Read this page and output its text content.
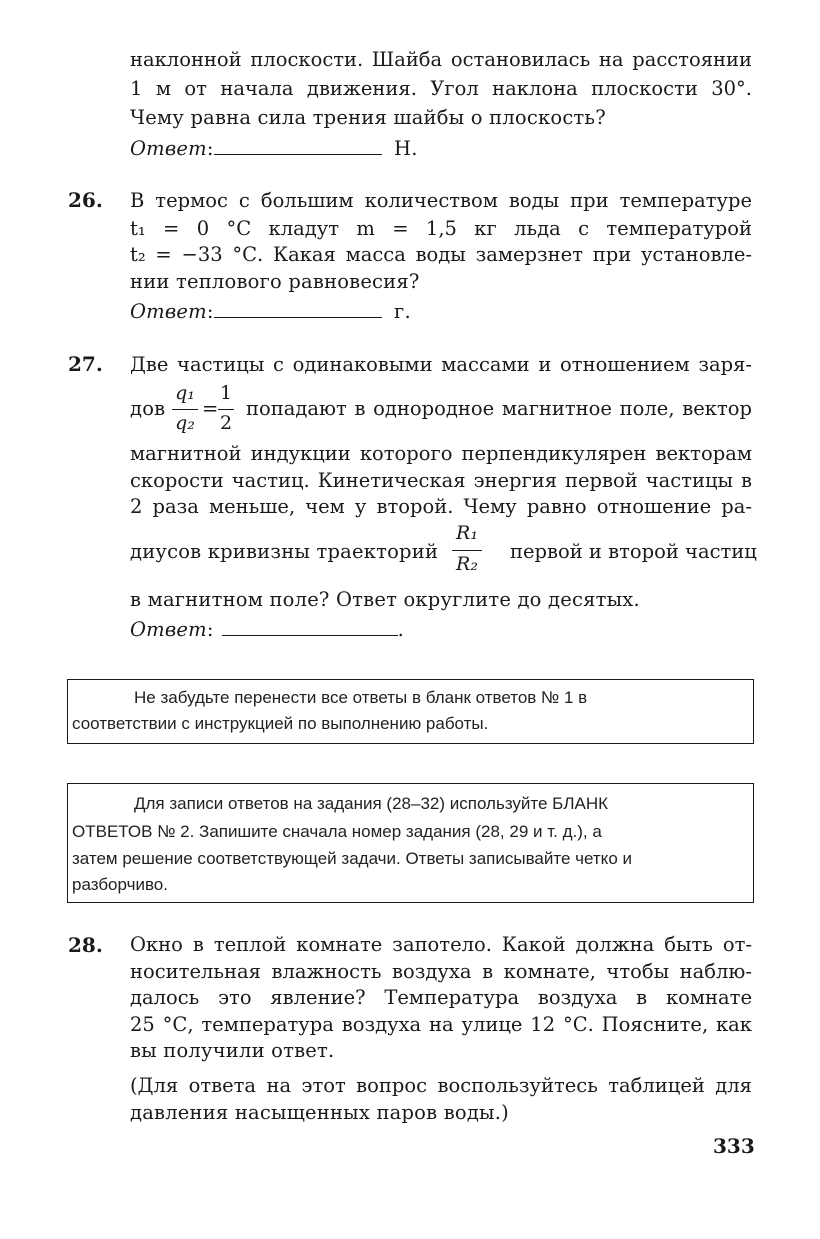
наклонной плоскости. Шайба остановилась на расстоянии
1 м от начала движения. Угол наклона плоскости 30°.
Чему равна сила трения шайбы о плоскость?
Ответ:	Н.
26. В термос с большим количеством воды при температуре
t₁ = 0 °С кладут m = 1,5 кг льда с температурой
t₂ = −33 °С. Какая масса воды замерзнет при установле-
нии теплового равновесия?
Ответ:	г.
27. Две частицы с одинаковыми массами и отношением заря-
дов
q₁
q₂
=
1
2
попадают в однородное магнитное поле, вектор
магнитной индукции которого перпендикулярен векторам
скорости частиц. Кинетическая энергия первой частицы в
2 раза меньше, чем у второй. Чему равно отношение ра-
диусов кривизны траекторий
R₁
R₂
первой и второй частиц
в магнитном поле? Ответ округлите до десятых.
Ответ:	.

Не забудьте перенести все ответы в бланк ответов № 1 в

соответствии с инструкцией по выполнению работы.

Для записи ответов на задания (28–32) используйте БЛАНК

ОТВЕТОВ № 2. Запишите сначала номер задания (28, 29 и т. д.), а

затем решение соответствующей задачи. Ответы записывайте четко и

разборчиво.

28. Окно в теплой комнате запотело. Какой должна быть от-
носительная влажность воздуха в комнате, чтобы наблю-
далось это явление? Температура воздуха в комнате
25 °С, температура воздуха на улице 12 °С. Поясните, как
вы получили ответ.
(Для ответа на этот вопрос воспользуйтесь таблицей для
давления насыщенных паров воды.)
333
